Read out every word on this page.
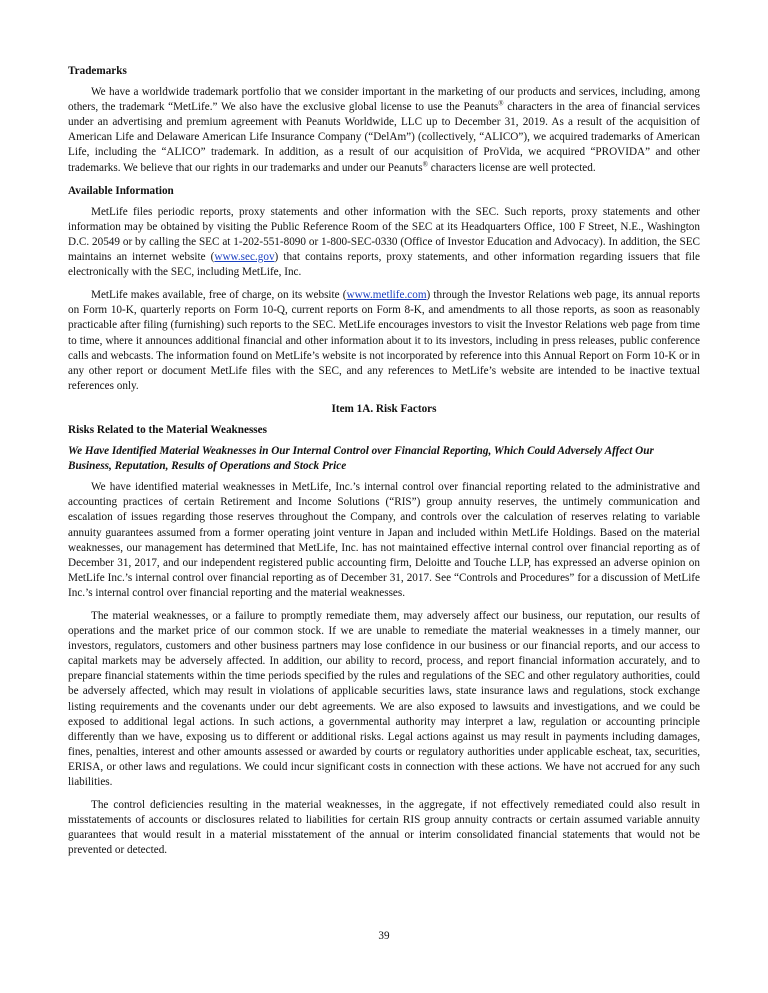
Trademarks

We have a worldwide trademark portfolio that we consider important in the marketing of our products and services, including, among others, the trademark “MetLife.” We also have the exclusive global license to use the Peanuts® characters in the area of financial services under an advertising and premium agreement with Peanuts Worldwide, LLC up to December 31, 2019. As a result of the acquisition of American Life and Delaware American Life Insurance Company (“DelAm”) (collectively, “ALICO”), we acquired trademarks of American Life, including the “ALICO” trademark. In addition, as a result of our acquisition of ProVida, we acquired “PROVIDA” and other trademarks. We believe that our rights in our trademarks and under our Peanuts® characters license are well protected.

Available Information

MetLife files periodic reports, proxy statements and other information with the SEC. Such reports, proxy statements and other information may be obtained by visiting the Public Reference Room of the SEC at its Headquarters Office, 100 F Street, N.E., Washington D.C. 20549 or by calling the SEC at 1-202-551-8090 or 1-800-SEC-0330 (Office of Investor Education and Advocacy). In addition, the SEC maintains an internet website (www.sec.gov) that contains reports, proxy statements, and other information regarding issuers that file electronically with the SEC, including MetLife, Inc.

MetLife makes available, free of charge, on its website (www.metlife.com) through the Investor Relations web page, its annual reports on Form 10-K, quarterly reports on Form 10-Q, current reports on Form 8-K, and amendments to all those reports, as soon as reasonably practicable after filing (furnishing) such reports to the SEC. MetLife encourages investors to visit the Investor Relations web page from time to time, where it announces additional financial and other information about it to its investors, including in press releases, public conference calls and webcasts. The information found on MetLife’s website is not incorporated by reference into this Annual Report on Form 10-K or in any other report or document MetLife files with the SEC, and any references to MetLife’s website are intended to be inactive textual references only.

Item 1A. Risk Factors
Risks Related to the Material Weaknesses
We Have Identified Material Weaknesses in Our Internal Control over Financial Reporting, Which Could Adversely Affect Our Business, Reputation, Results of Operations and Stock Price

We have identified material weaknesses in MetLife, Inc.’s internal control over financial reporting related to the administrative and accounting practices of certain Retirement and Income Solutions (“RIS”) group annuity reserves, the untimely communication and escalation of issues regarding those reserves throughout the Company, and controls over the calculation of reserves relating to variable annuity guarantees assumed from a former operating joint venture in Japan and included within MetLife Holdings. Based on the material weaknesses, our management has determined that MetLife, Inc. has not maintained effective internal control over financial reporting as of December 31, 2017, and our independent registered public accounting firm, Deloitte and Touche LLP, has expressed an adverse opinion on MetLife Inc.’s internal control over financial reporting as of December 31, 2017. See “Controls and Procedures” for a discussion of MetLife Inc.’s internal control over financial reporting and the material weaknesses.

The material weaknesses, or a failure to promptly remediate them, may adversely affect our business, our reputation, our results of operations and the market price of our common stock. If we are unable to remediate the material weaknesses in a timely manner, our investors, regulators, customers and other business partners may lose confidence in our business or our financial reports, and our access to capital markets may be adversely affected. In addition, our ability to record, process, and report financial information accurately, and to prepare financial statements within the time periods specified by the rules and regulations of the SEC and other regulatory authorities, could be adversely affected, which may result in violations of applicable securities laws, state insurance laws and regulations, stock exchange listing requirements and the covenants under our debt agreements. We are also exposed to lawsuits and investigations, and we could be exposed to additional legal actions. In such actions, a governmental authority may interpret a law, regulation or accounting principle differently than we have, exposing us to different or additional risks. Legal actions against us may result in payments including damages, fines, penalties, interest and other amounts assessed or awarded by courts or regulatory authorities under applicable escheat, tax, securities, ERISA, or other laws and regulations. We could incur significant costs in connection with these actions. We have not accrued for any such liabilities.

The control deficiencies resulting in the material weaknesses, in the aggregate, if not effectively remediated could also result in misstatements of accounts or disclosures related to liabilities for certain RIS group annuity contracts or certain assumed variable annuity guarantees that would result in a material misstatement of the annual or interim consolidated financial statements that would not be prevented or detected.

39
